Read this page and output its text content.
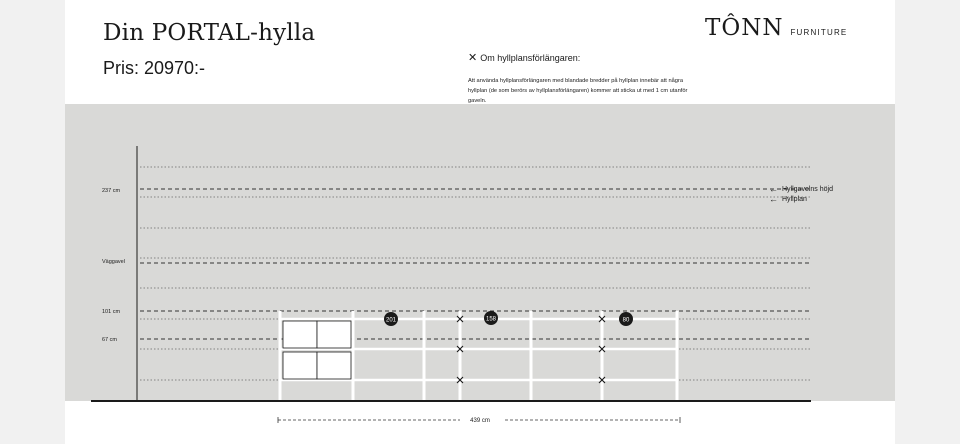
Din PORTAL-hylla
Pris: 20970:-
TÔNN FURNITURE
✕ Om hyllplansförlängaren:
Att använda hyllplansförlängaren med blandade bredder på hyllplan innebär att några hyllplan (de som berörs av hyllplansförlängaren) kommer att sticka ut med 1 cm utanför gaveln.
201	158	80
237 cm
Väggavel
101 cm
67 cm
439 cm
← Hyllgavelns höjd
← Hyllplan
